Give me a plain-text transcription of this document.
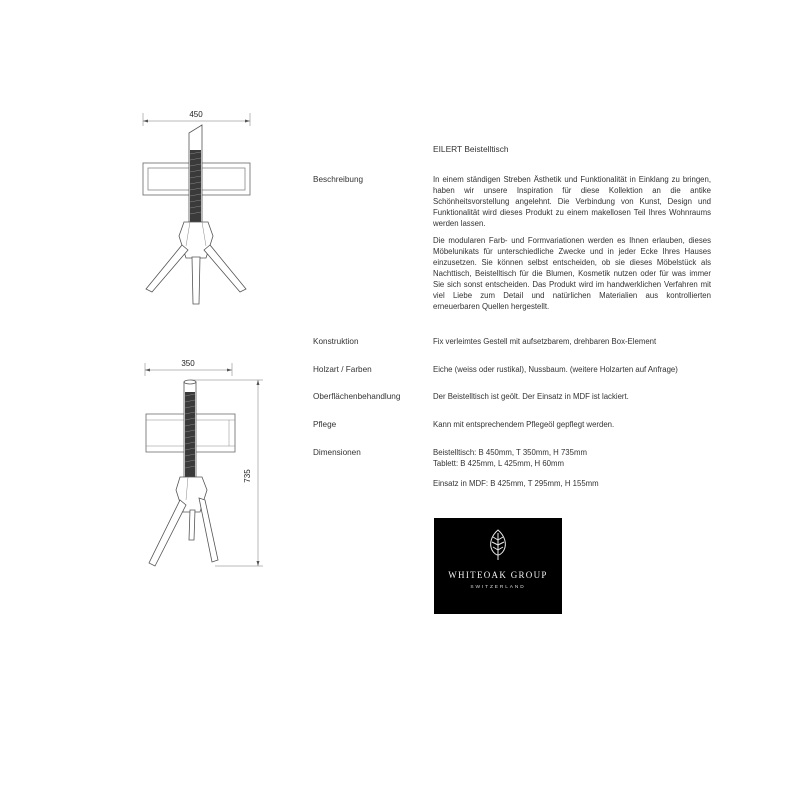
450
350
735
EILERT Beistelltisch
Beschreibung	In einem ständigen Streben Ästhetik und Funktionalität in Einklang zu bringen, haben wir unsere Inspiration für diese Kollektion an die antike Schönheitsvorstellung angelehnt. Die Verbindung von Kunst, Design und Funktionalität wird dieses Produkt zu einem makellosen Teil Ihres Wohnraums werden lassen.

Die modularen Farb- und Formvariationen werden es Ihnen erlauben, dieses Möbelunikats für unterschiedliche Zwecke und in jeder Ecke Ihres Hauses einzusetzen. Sie können selbst entscheiden, ob sie dieses Möbelstück als Nachttisch, Beistelltisch für die Blumen, Kosmetik nutzen oder für was immer Sie sich sonst entscheiden. Das Produkt wird im handwerklichen Verfahren mit viel Liebe zum Detail und natürlichen Materialien aus kontrollierten erneuerbaren Quellen hergestellt.

Konstruktion	Fix verleimtes Gestell mit aufsetzbarem, drehbaren Box-Element
Holzart / Farben	Eiche (weiss oder rustikal), Nussbaum. (weitere Holzarten auf Anfrage)
Oberflächenbehandlung	Der Beistelltisch ist geölt. Der Einsatz in MDF ist lackiert.
Pflege	Kann mit entsprechendem Pflegeöl gepflegt werden.
Dimensionen	Beistelltisch: B 450mm, T 350mm, H 735mm
Tablett: B 425mm, L 425mm, H 60mm
Einsatz in MDF: B 425mm, T 295mm, H 155mm
WHITEOAK GROUP
SWITZERLAND
